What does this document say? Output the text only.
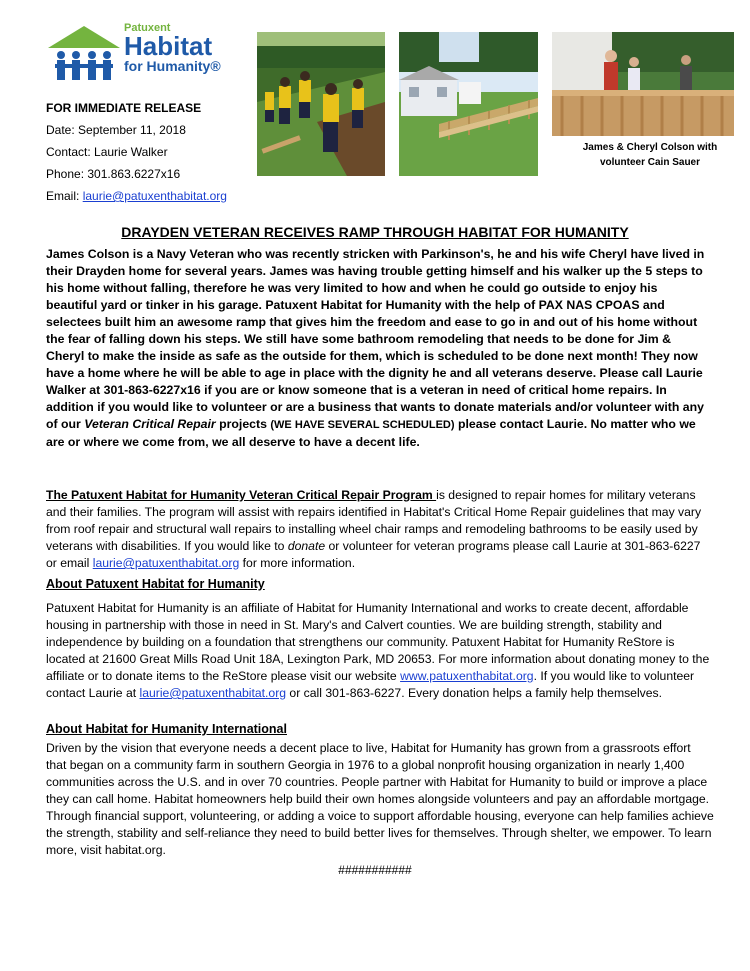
Patuxent
Habitat
for Humanity®
FOR IMMEDIATE RELEASE
Date: September 11, 2018
Contact: Laurie Walker
Phone: 301.863.6227x16
Email: laurie@patuxenthabitat.org
James & Cheryl Colson with
volunteer Cain Sauer
DRAYDEN VETERAN RECEIVES RAMP THROUGH HABITAT FOR HUMANITY
James Colson is a Navy Veteran who was recently stricken with Parkinson's, he and his wife Cheryl have lived in their Drayden home for several years. James was having trouble getting himself and his walker up the 5 steps to his home without falling, therefore he was very limited to how and when he could go outside to enjoy his beautiful yard or tinker in his garage. Patuxent Habitat for Humanity with the help of PAX NAS CPOAS and selectees built him an awesome ramp that gives him the freedom and ease to go in and out of his home without the fear of falling down his steps. We still have some bathroom remodeling that needs to be done for Jim & Cheryl to make the inside as safe as the outside for them, which is scheduled to be done next month! They now have a home where he will be able to age in place with the dignity he and all veterans deserve. Please call Laurie Walker at 301-863-6227x16 if you are or know someone that is a veteran in need of critical home repairs. In addition if you would like to volunteer or are a business that wants to donate materials and/or volunteer with any of our Veteran Critical Repair projects (WE HAVE SEVERAL SCHEDULED) please contact Laurie. No matter who we are or where we come from, we all deserve to have a decent life.
The Patuxent Habitat for Humanity Veteran Critical Repair Program is designed to repair homes for military veterans and their families. The program will assist with repairs identified in Habitat's Critical Home Repair guidelines that may vary from roof repair and structural wall repairs to installing wheel chair ramps and remodeling bathrooms to be easily used by veterans with disabilities. If you would like to donate or volunteer for veteran programs please call Laurie at 301-863-6227 or email laurie@patuxenthabitat.org for more information.
About Patuxent Habitat for Humanity
Patuxent Habitat for Humanity is an affiliate of Habitat for Humanity International and works to create decent, affordable housing in partnership with those in need in St. Mary's and Calvert counties. We are building strength, stability and independence by building on a foundation that strengthens our community. Patuxent Habitat for Humanity ReStore is located at 21600 Great Mills Road Unit 18A, Lexington Park, MD 20653. For more information about donating money to the affiliate or to donate items to the ReStore please visit our website www.patuxenthabitat.org. If you would like to volunteer contact Laurie at laurie@patuxenthabitat.org or call 301-863-6227. Every donation helps a family help themselves.
About Habitat for Humanity International
Driven by the vision that everyone needs a decent place to live, Habitat for Humanity has grown from a grassroots effort that began on a community farm in southern Georgia in 1976 to a global nonprofit housing organization in nearly 1,400 communities across the U.S. and in over 70 countries. People partner with Habitat for Humanity to build or improve a place they can call home. Habitat homeowners help build their own homes alongside volunteers and pay an affordable mortgage. Through financial support, volunteering, or adding a voice to support affordable housing, everyone can help families achieve the strength, stability and self-reliance they need to build better lives for themselves. Through shelter, we empower. To learn more, visit habitat.org.
###########
